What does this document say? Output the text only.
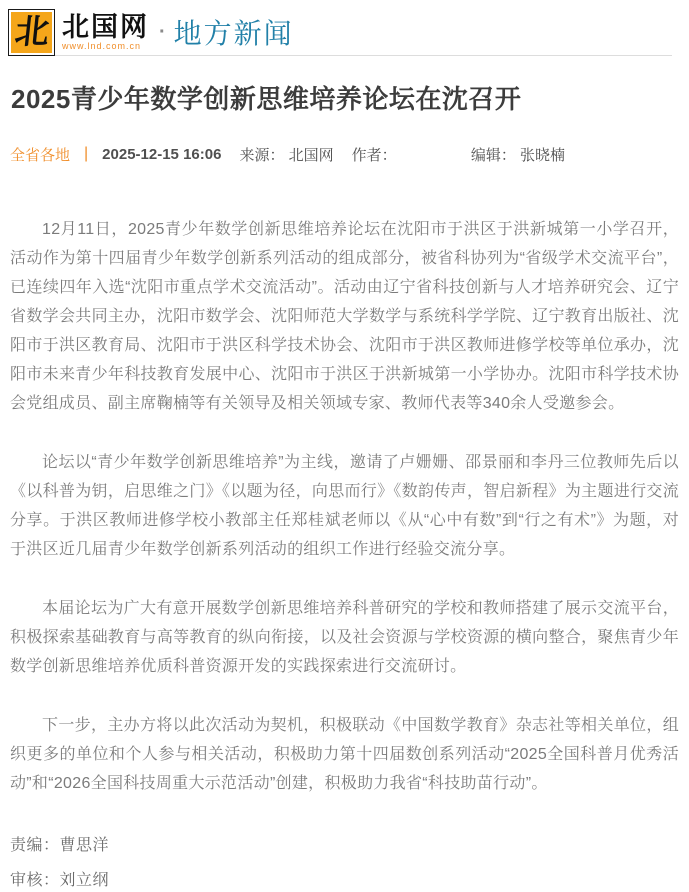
北 北国网
www.lnd.com.cn
· 地方新闻
2025青少年数学创新思维培养论坛在沈召开
全省各地 | 2025-12-15 16:06 来源： 北国网 作者：	编辑： 张晓楠

12月11日，2025青少年数学创新思维培养论坛在沈阳市于洪区于洪新城第一小学召开，活动作为第十四届青少年数学创新系列活动的组成部分，被省科协列为“省级学术交流平台”，已连续四年入选“沈阳市重点学术交流活动”。活动由辽宁省科技创新与人才培养研究会、辽宁省数学会共同主办，沈阳市数学会、沈阳师范大学数学与系统科学学院、辽宁教育出版社、沈阳市于洪区教育局、沈阳市于洪区科学技术协会、沈阳市于洪区教师进修学校等单位承办，沈阳市未来青少年科技教育发展中心、沈阳市于洪区于洪新城第一小学协办。沈阳市科学技术协会党组成员、副主席鞠楠等有关领导及相关领域专家、教师代表等340余人受邀参会。

论坛以“青少年数学创新思维培养”为主线，邀请了卢姗姗、邵景丽和李丹三位教师先后以《以科普为钥，启思维之门》《以题为径，向思而行》《数韵传声，智启新程》为主题进行交流分享。于洪区教师进修学校小教部主任郑桂斌老师以《从“心中有数”到“行之有术”》为题，对于洪区近几届青少年数学创新系列活动的组织工作进行经验交流分享。

本届论坛为广大有意开展数学创新思维培养科普研究的学校和教师搭建了展示交流平台，积极探索基础教育与高等教育的纵向衔接，以及社会资源与学校资源的横向整合，聚焦青少年数学创新思维培养优质科普资源开发的实践探索进行交流研讨。

下一步，主办方将以此次活动为契机，积极联动《中国数学教育》杂志社等相关单位，组织更多的单位和个人参与相关活动，积极助力第十四届数创系列活动“2025全国科普月优秀活动”和“2026全国科技周重大示范活动”创建，积极助力我省“科技助苗行动”。

责编：曹思洋
审核：刘立纲
